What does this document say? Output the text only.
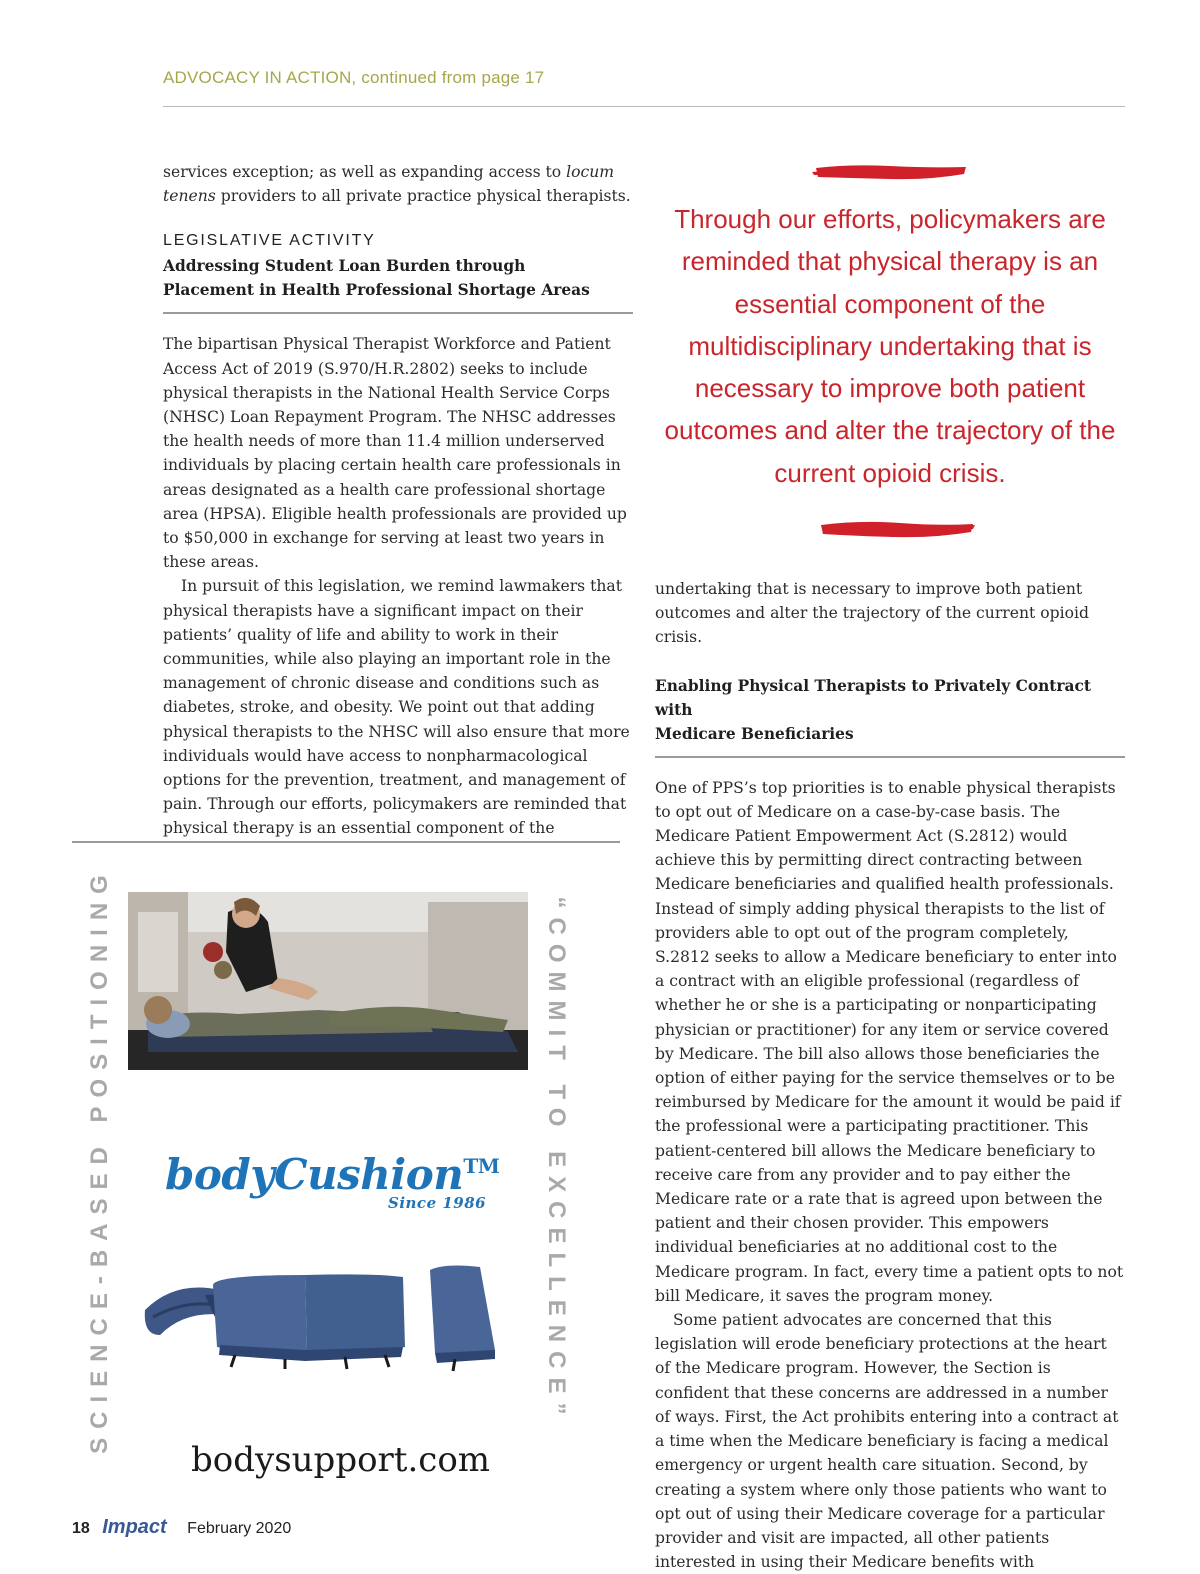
ADVOCACY IN ACTION, continued from page 17

services exception; as well as expanding access to locum tenens providers to all private practice physical therapists.

LEGISLATIVE ACTIVITY

Addressing Student Loan Burden through
Placement in Health Professional Shortage Areas

The bipartisan Physical Therapist Workforce and Patient Access Act of 2019 (S.970/H.R.2802) seeks to include physical therapists in the National Health Service Corps (NHSC) Loan Repayment Program. The NHSC addresses the health needs of more than 11.4 million underserved individuals by placing certain health care professionals in areas designated as a health care professional shortage area (HPSA). Eligible health professionals are provided up to $50,000 in exchange for serving at least two years in these areas.

In pursuit of this legislation, we remind lawmakers that physical therapists have a significant impact on their patients’ quality of life and ability to work in their communities, while also playing an important role in the management of chronic disease and conditions such as diabetes, stroke, and obesity. We point out that adding physical therapists to the NHSC will also ensure that more individuals would have access to nonpharmacological options for the prevention, treatment, and management of pain. Through our efforts, policymakers are reminded that physical therapy is an essential component of the

Through our efforts, policymakers are reminded that physical therapy is an essential component of the multidisciplinary undertaking that is necessary to improve both patient outcomes and alter the trajectory of the current opioid crisis.

undertaking that is necessary to improve both patient outcomes and alter the trajectory of the current opioid crisis.

Enabling Physical Therapists to Privately Contract with
Medicare Beneficiaries

One of PPS’s top priorities is to enable physical therapists to opt out of Medicare on a case-by-case basis. The Medicare Patient Empowerment Act (S.2812) would achieve this by permitting direct contracting between Medicare beneficiaries and qualified health professionals. Instead of simply adding physical therapists to the list of providers able to opt out of the program completely, S.2812 seeks to allow a Medicare beneficiary to enter into a contract with an eligible professional (regardless of whether he or she is a participating or nonparticipating physician or practitioner) for any item or service covered by Medicare. The bill also allows those beneficiaries the option of either paying for the service themselves or to be reimbursed by Medicare for the amount it would be paid if the professional were a participating practitioner. This patient-centered bill allows the Medicare beneficiary to receive care from any provider and to pay either the Medicare rate or a rate that is agreed upon between the patient and their chosen provider. This empowers individual beneficiaries at no additional cost to the Medicare program. In fact, every time a patient opts to not bill Medicare, it saves the program money.

Some patient advocates are concerned that this legislation will erode beneficiary protections at the heart of the Medicare program. However, the Section is confident that these concerns are addressed in a number of ways. First, the Act prohibits entering into a contract at a time when the Medicare beneficiary is facing a medical emergency or urgent health care situation. Second, by creating a system where only those patients who want to opt out of using their Medicare coverage for a particular provider and visit are impacted, all other patients interested in using their Medicare benefits with

SCIENCE-BASED POSITIONING	“COMMIT TO EXCELLENCE”
bodyCushion™
Since 1986
bodysupport.com
18 Impact February 2020
